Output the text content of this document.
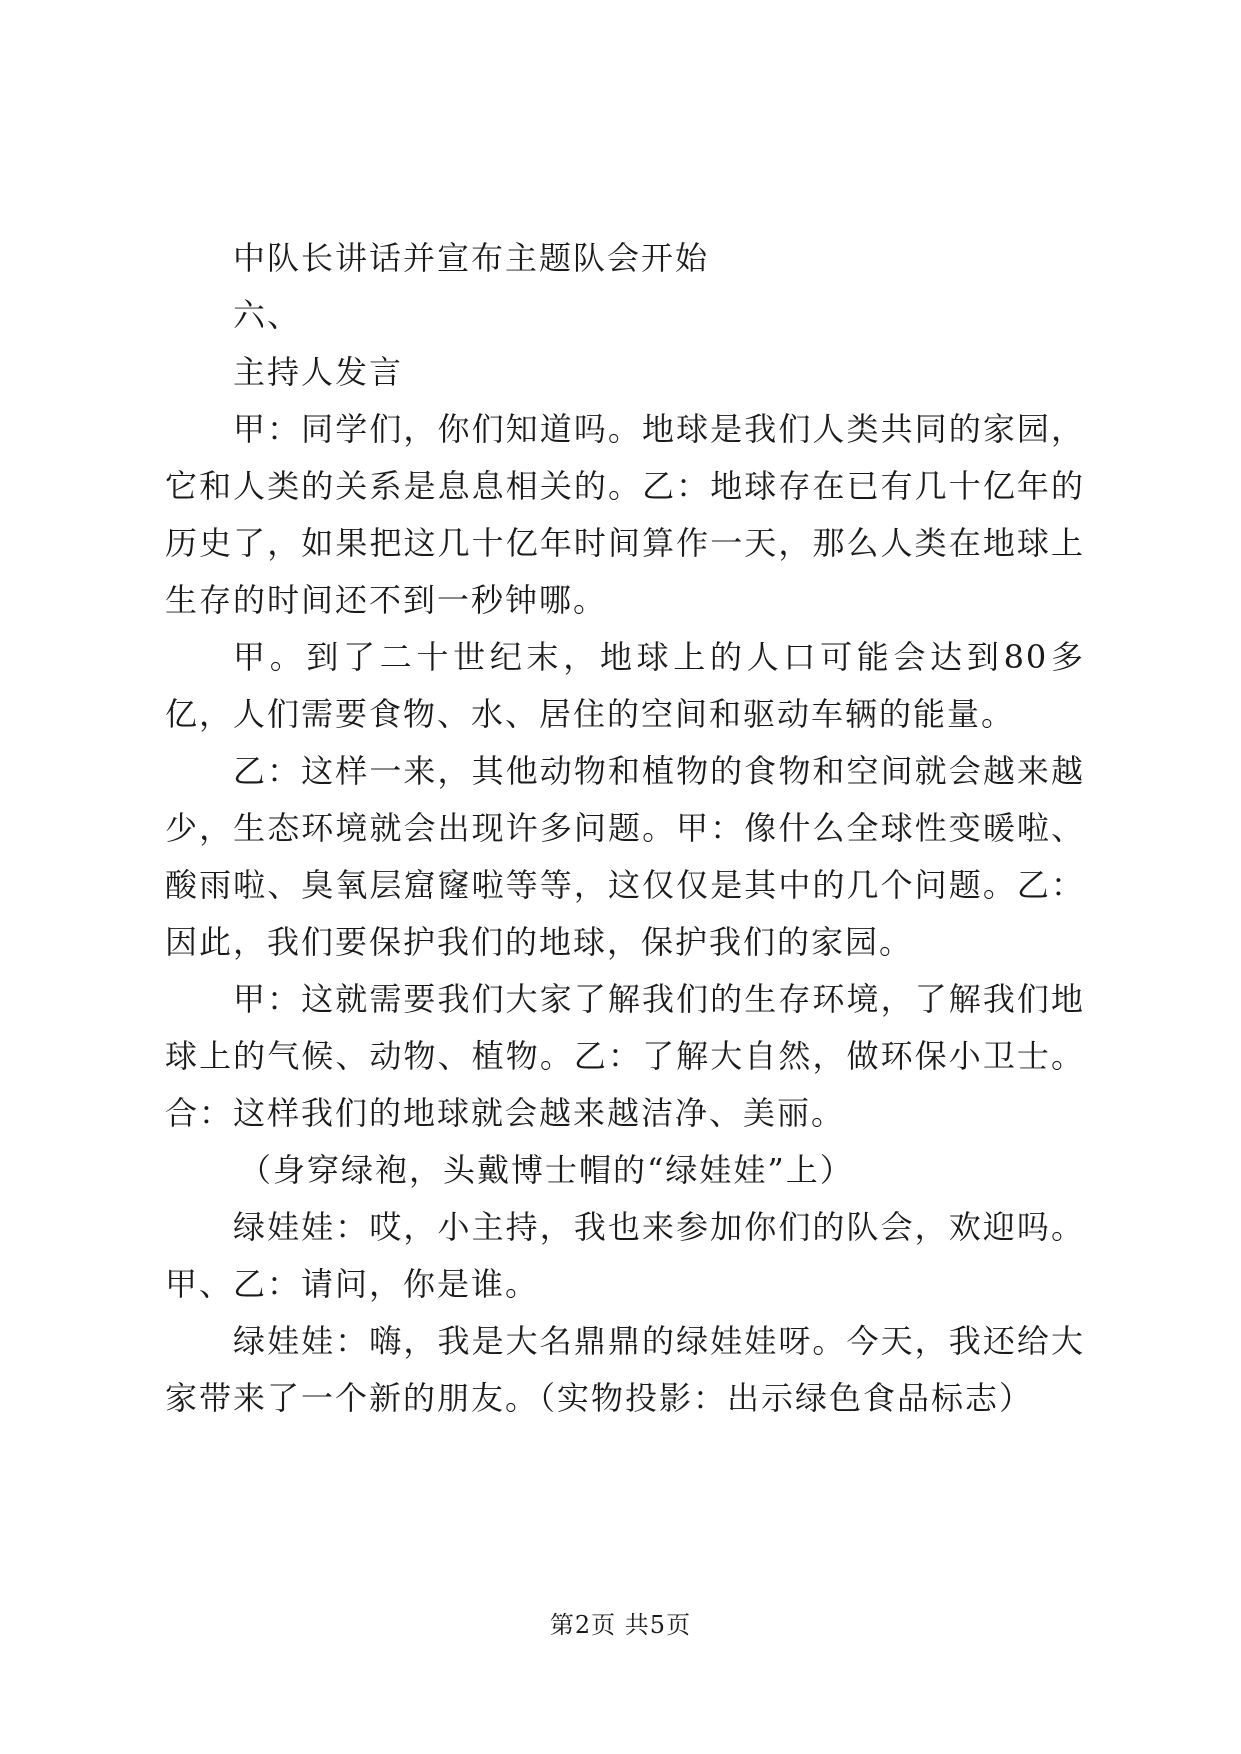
中队长讲话并宣布主题队会开始

六、

主持人发言

甲：同学们，你们知道吗。地球是我们人类共同的家园，它和人类的关系是息息相关的。乙：地球存在已有几十亿年的历史了，如果把这几十亿年时间算作一天，那么人类在地球上生存的时间还不到一秒钟哪。

甲。到了二十世纪末，地球上的人口可能会达到80多亿，人们需要食物、水、居住的空间和驱动车辆的能量。

乙：这样一来，其他动物和植物的食物和空间就会越来越少，生态环境就会出现许多问题。甲：像什么全球性变暖啦、酸雨啦、臭氧层窟窿啦等等，这仅仅是其中的几个问题。乙：因此，我们要保护我们的地球，保护我们的家园。

甲：这就需要我们大家了解我们的生存环境，了解我们地球上的气候、动物、植物。乙：了解大自然，做环保小卫士。合：这样我们的地球就会越来越洁净、美丽。

（身穿绿袍，头戴博士帽的“绿娃娃”上）

绿娃娃：哎，小主持，我也来参加你们的队会，欢迎吗。甲、乙：请问，你是谁。

绿娃娃：嗨，我是大名鼎鼎的绿娃娃呀。今天，我还给大家带来了一个新的朋友。（实物投影：出示绿色食品标志）

第2页 共5页
